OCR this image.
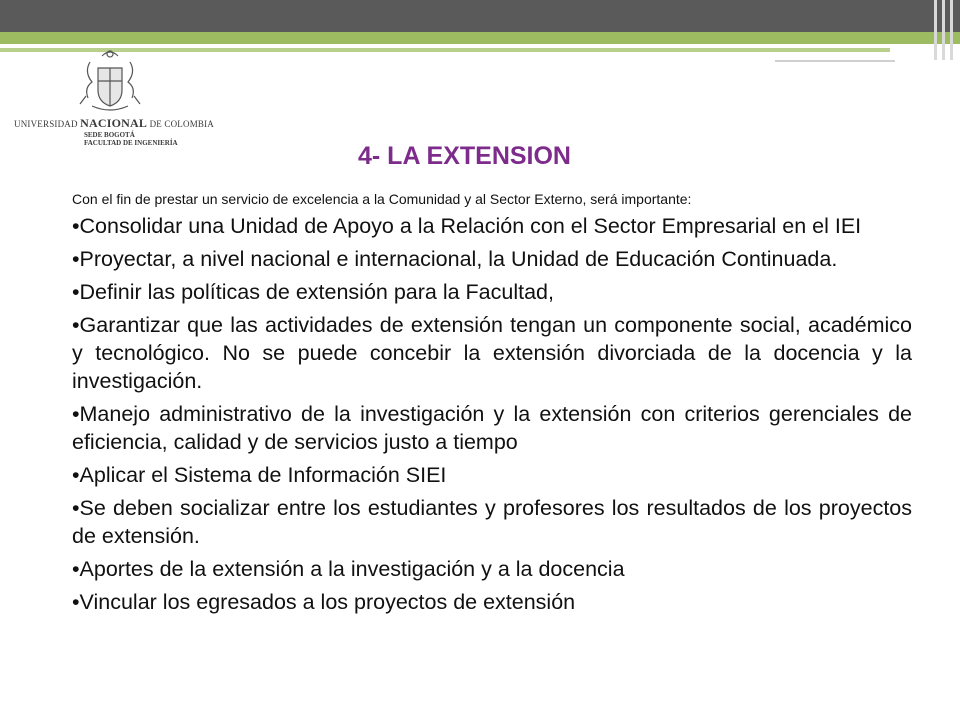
UNIVERSIDAD NACIONAL DE COLOMBIA
SEDE BOGOTÁ
FACULTAD DE INGENIERÍA	4- LA EXTENSION
Con el fin de prestar un servicio de excelencia a la Comunidad y al Sector Externo, será importante:
•Consolidar una Unidad de Apoyo a la Relación con el Sector Empresarial en el IEI
•Proyectar, a nivel nacional e internacional, la Unidad de Educación Continuada.
•Definir las políticas de extensión para la Facultad,
•Garantizar que las actividades de extensión tengan un componente social, académico y tecnológico. No se puede concebir la extensión divorciada de la docencia y la investigación.
•Manejo administrativo de la investigación y la extensión con criterios gerenciales de eficiencia, calidad y de servicios justo a tiempo
•Aplicar el Sistema de Información SIEI
•Se deben socializar entre los estudiantes y profesores los resultados de los proyectos de extensión.
•Aportes de la extensión a la investigación y a la docencia
•Vincular los egresados a los proyectos de extensión
